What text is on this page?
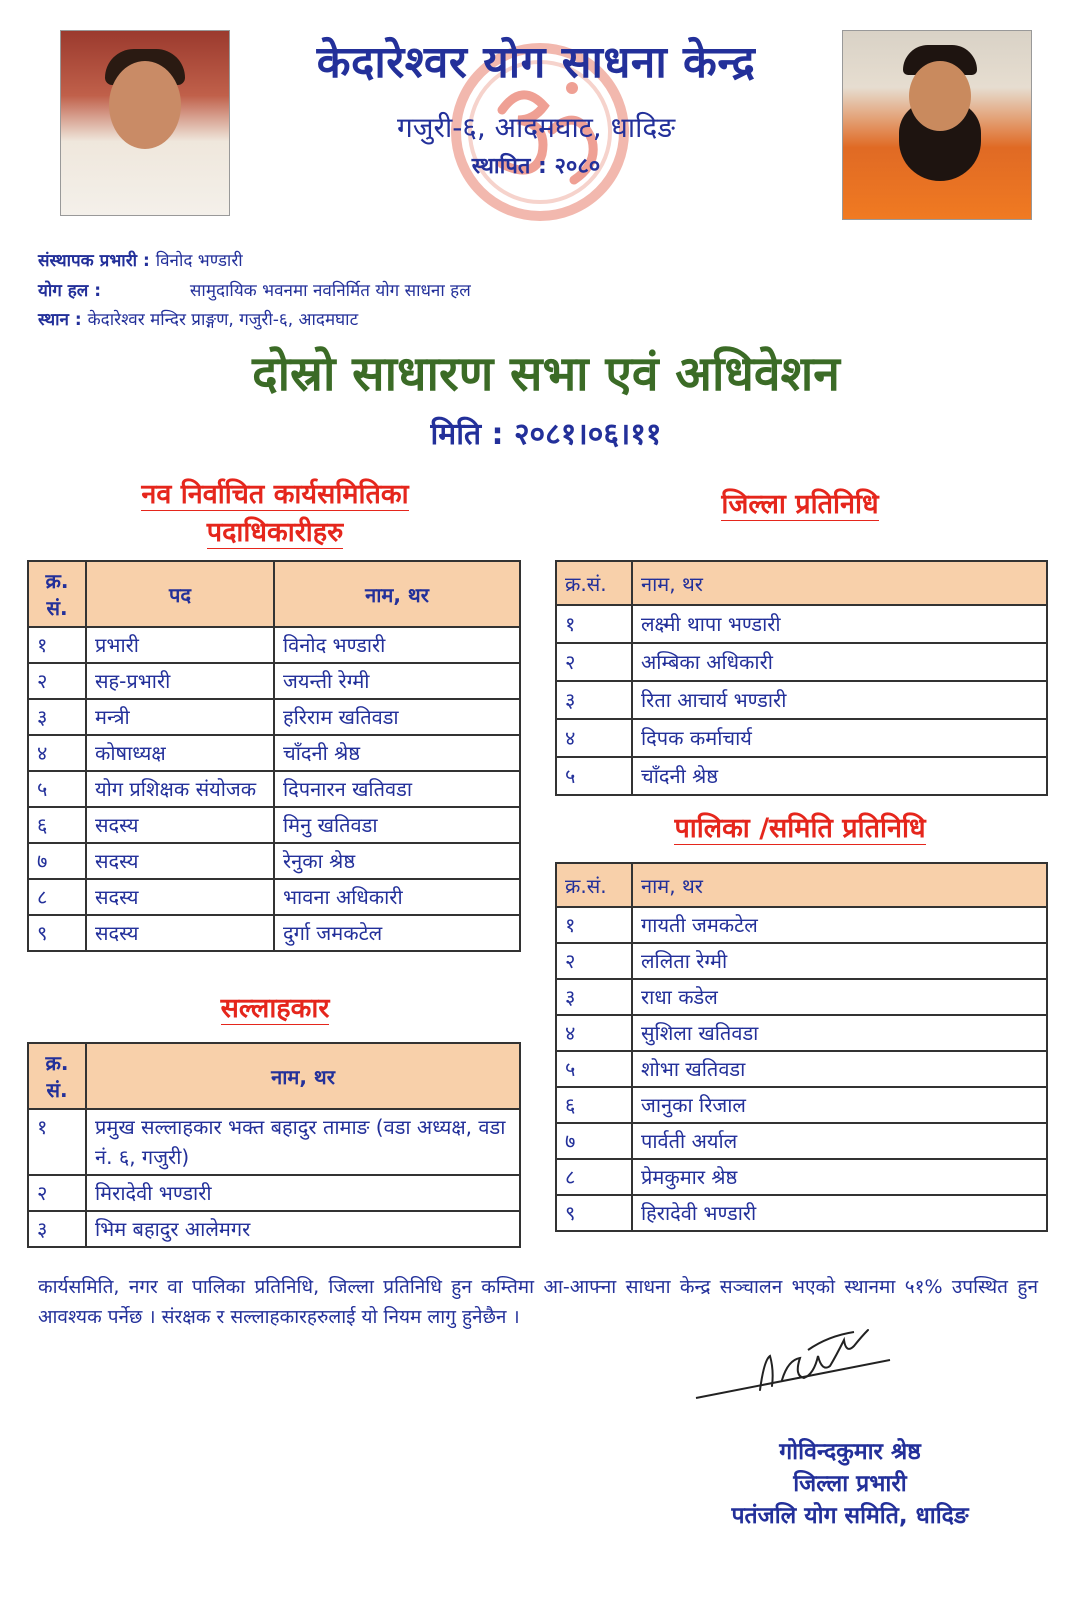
केदारेश्वर योग साधना केन्द्र
गजुरी-६, आदमघाट, धादिङ
स्थापित : २०८०
संस्थापक प्रभारी : विनोद भण्डारी
योग हल :	सामुदायिक भवनमा नवनिर्मित योग साधना हल
स्थान : केदारेश्वर मन्दिर प्राङ्गण, गजुरी-६, आदमघाट
दोस्रो साधारण सभा एवं अधिवेशन
मिति : २०८१।०६।११
नव निर्वाचित कार्यसमितिका
पदाधिकारीहरु
क्र. सं.	पद	नाम, थर
१	प्रभारी	विनोद भण्डारी
२	सह-प्रभारी	जयन्ती रेग्मी
३	मन्त्री	हरिराम खतिवडा
४	कोषाध्यक्ष	चाँदनी श्रेष्ठ
५	योग प्रशिक्षक संयोजक	दिपनारन खतिवडा
६	सदस्य	मिनु खतिवडा
७	सदस्य	रेनुका श्रेष्ठ
८	सदस्य	भावना अधिकारी
९	सदस्य	दुर्गा जमकटेल
सल्लाहकार
क्र. सं.	नाम, थर
१	प्रमुख सल्लाहकार भक्त बहादुर तामाङ (वडा अध्यक्ष, वडा नं. ६, गजुरी)
२	मिरादेवी भण्डारी
३	भिम बहादुर आलेमगर
जिल्ला प्रतिनिधि
क्र.सं.	नाम, थर
१	लक्ष्मी थापा भण्डारी
२	अम्बिका अधिकारी
३	रिता आचार्य भण्डारी
४	दिपक कर्माचार्य
५	चाँदनी श्रेष्ठ
पालिका /समिति प्रतिनिधि
क्र.सं.	नाम, थर
१	गायती जमकटेल
२	ललिता रेग्मी
३	राधा कडेल
४	सुशिला खतिवडा
५	शोभा खतिवडा
६	जानुका रिजाल
७	पार्वती अर्याल
८	प्रेमकुमार श्रेष्ठ
९	हिरादेवी भण्डारी
कार्यसमिति, नगर वा पालिका प्रतिनिधि, जिल्ला प्रतिनिधि हुन कम्तिमा आ-आफ्ना साधना केन्द्र सञ्चालन भएको स्थानमा ५१% उपस्थित हुन आवश्यक पर्नेछ । संरक्षक र सल्लाहकारहरुलाई यो नियम लागु हुनेछैन ।
गोविन्दकुमार श्रेष्ठ
जिल्ला प्रभारी
पतंजलि योग समिति, धादिङ
